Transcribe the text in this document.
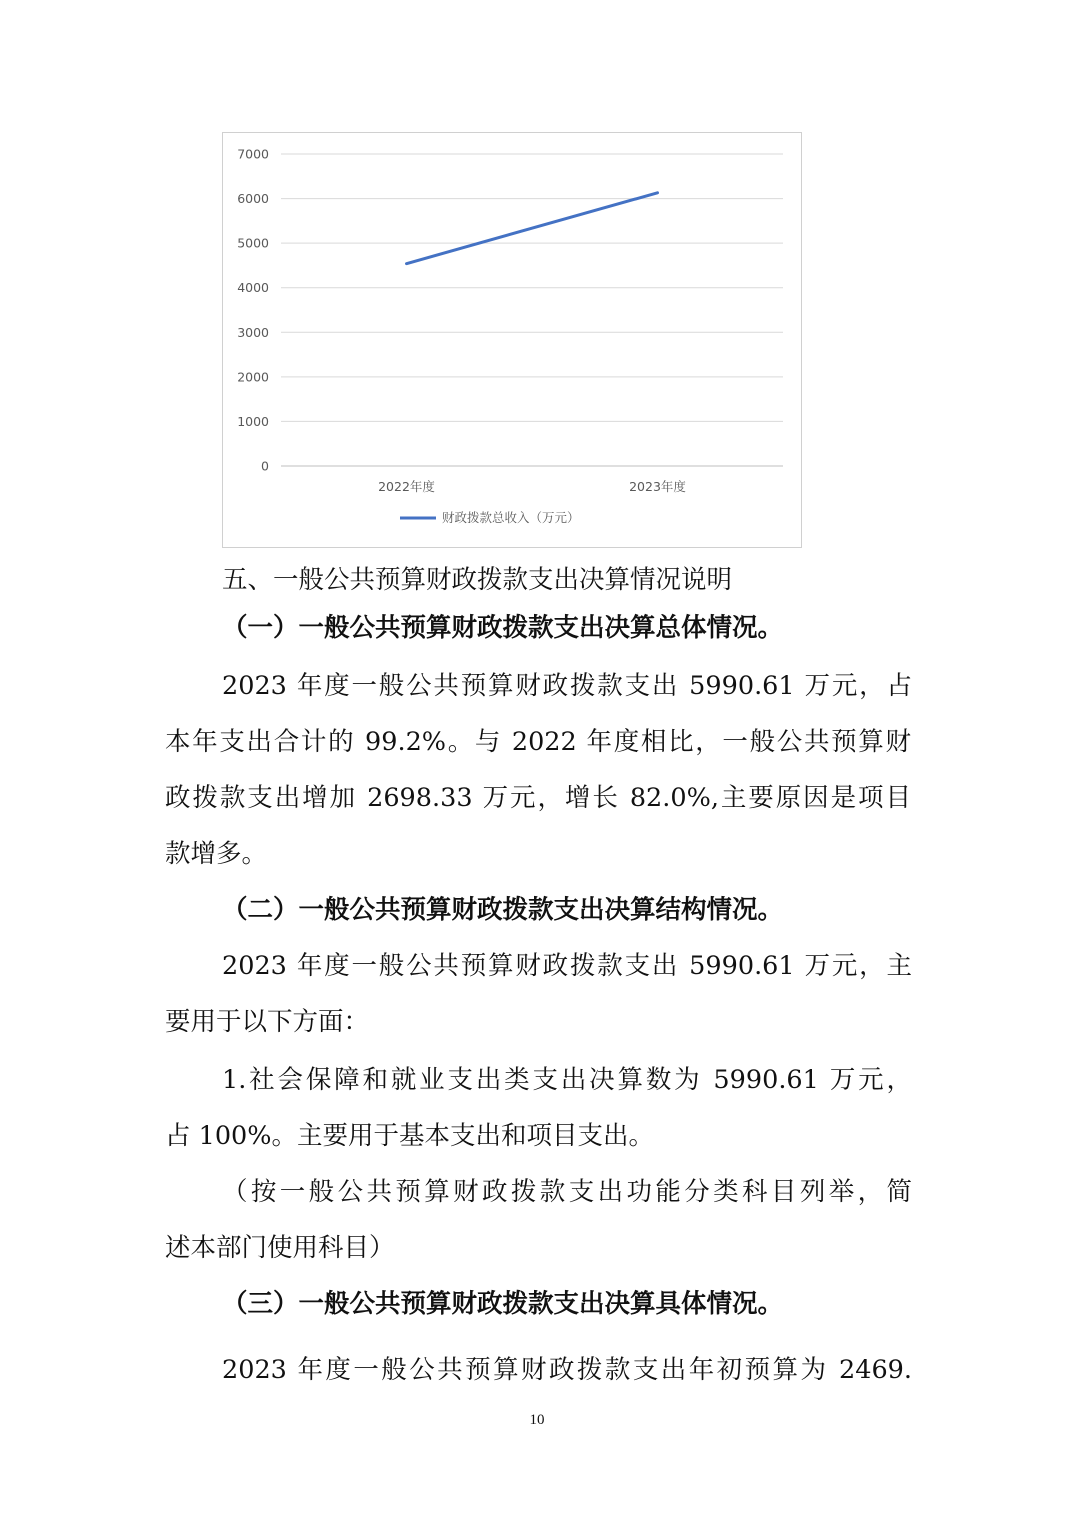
0
1000
2000
3000
4000
5000
6000
7000
2022年度	2023年度
财政拨款总收入（万元）
五、一般公共预算财政拨款支出决算情况说明
（一）一般公共预算财政拨款支出决算总体情况。
2023 年度一般公共预算财政拨款支出 5990.61 万元，占
本年支出合计的 99.2%。与 2022 年度相比，一般公共预算财
政拨款支出增加 2698.33 万元，增长 82.0%,主要原因是项目
款增多。
（二）一般公共预算财政拨款支出决算结构情况。
2023 年度一般公共预算财政拨款支出 5990.61 万元，主
要用于以下方面：
1.社会保障和就业支出类支出决算数为 5990.61 万元，
占 100%。主要用于基本支出和项目支出。
（按一般公共预算财政拨款支出功能分类科目列举，简
述本部门使用科目）
（三）一般公共预算财政拨款支出决算具体情况。
2023 年度一般公共预算财政拨款支出年初预算为 2469.
10
